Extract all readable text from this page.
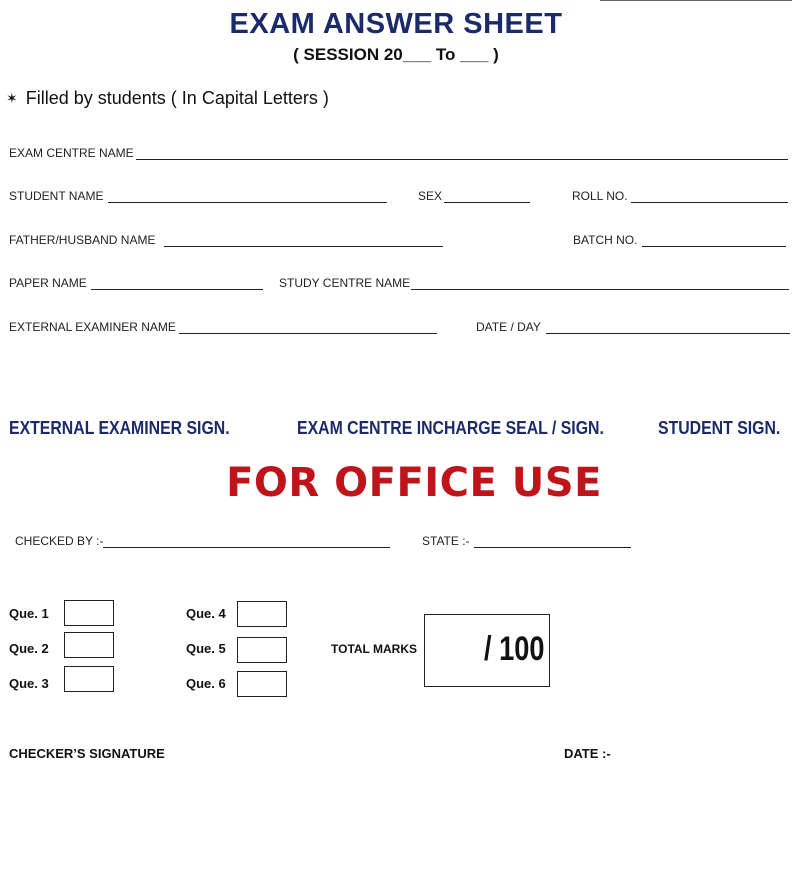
EXAM ANSWER SHEET
( SESSION 20___ To ___ )
✶ Filled by students ( In Capital Letters )
EXAM CENTRE NAME
STUDENT NAME	SEX	ROLL NO.
FATHER/HUSBAND NAME	BATCH NO.
PAPER NAME	STUDY CENTRE NAME
EXTERNAL EXAMINER NAME	DATE / DAY
EXTERNAL EXAMINER SIGN.	EXAM CENTRE INCHARGE SEAL / SIGN.	STUDENT SIGN.
FOR OFFICE USE
CHECKED BY :-	STATE :-
Que. 1
Que. 2
Que. 3
Que. 4
Que. 5
Que. 6
TOTAL MARKS / 100
CHECKER’S SIGNATURE	DATE :-
